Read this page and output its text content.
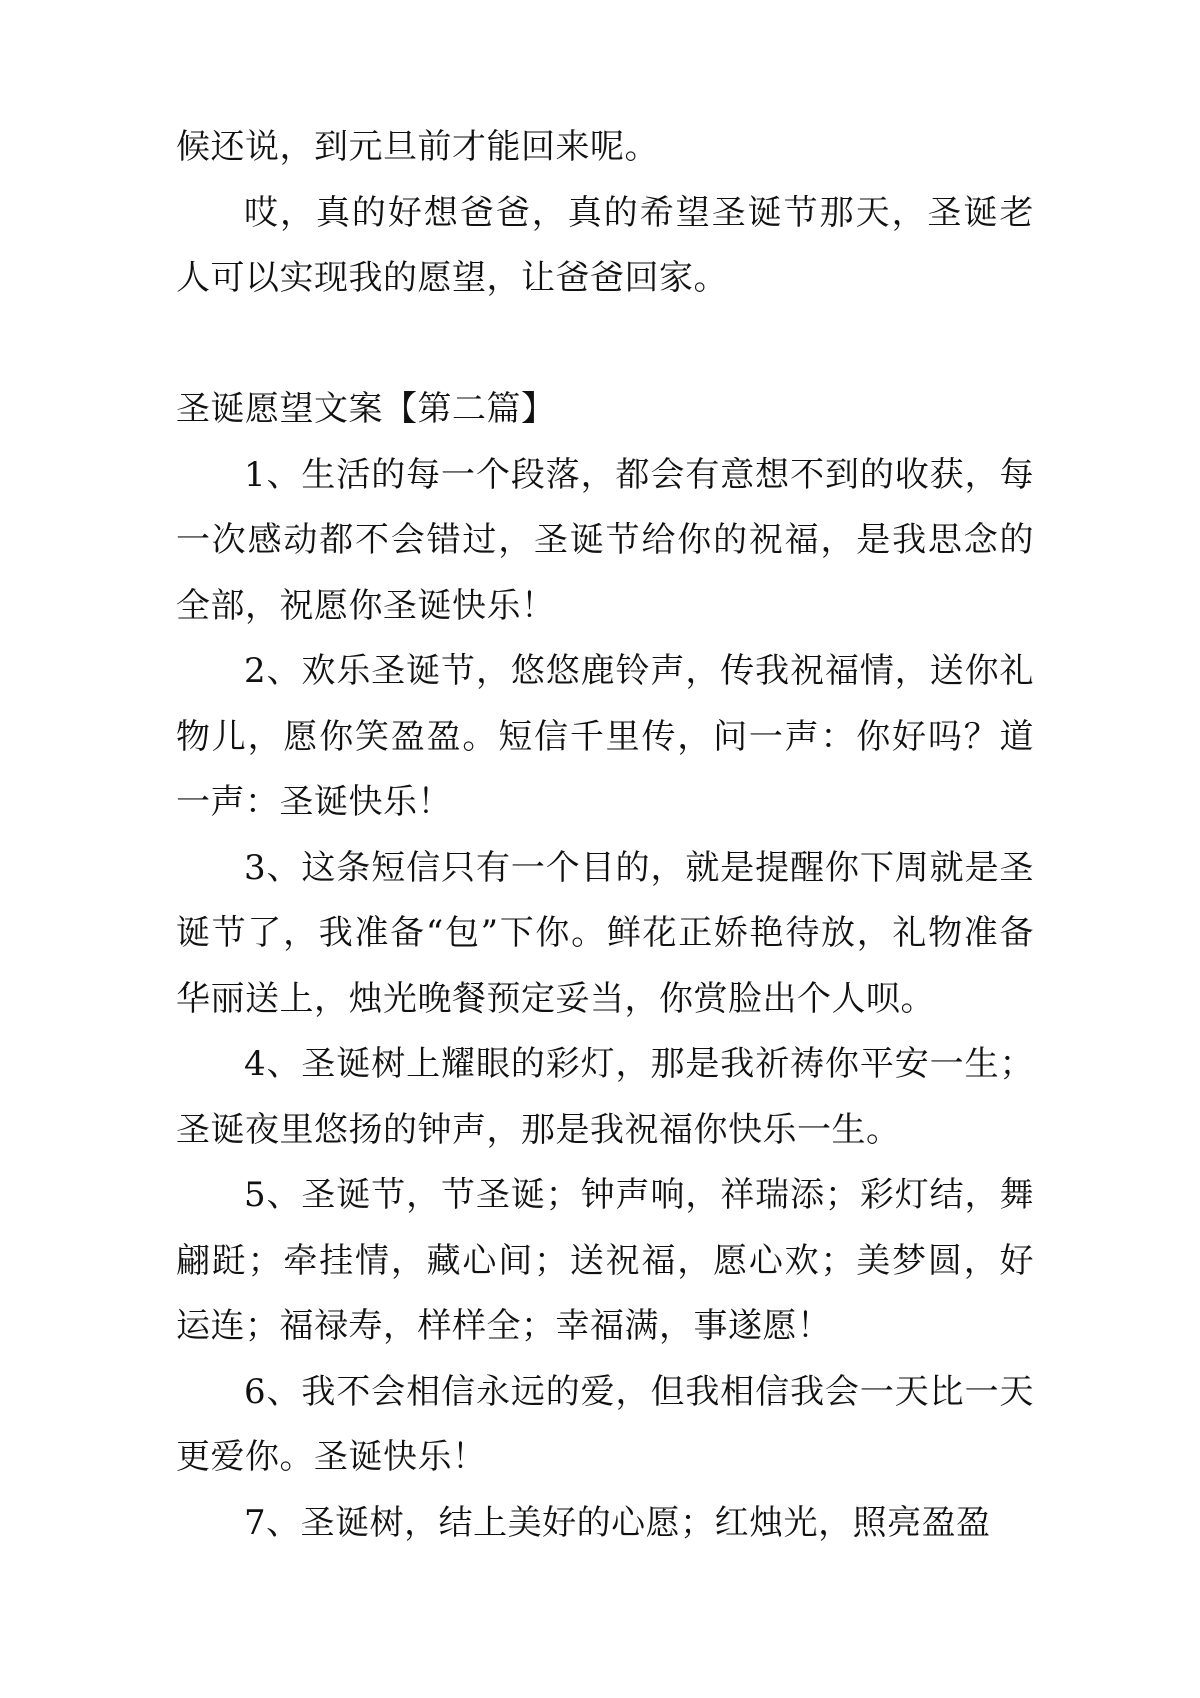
候还说，到元旦前才能回来呢。

哎，真的好想爸爸，真的希望圣诞节那天，圣诞老人可以实现我的愿望，让爸爸回家。

圣诞愿望文案【第二篇】

1、生活的每一个段落，都会有意想不到的收获，每一次感动都不会错过，圣诞节给你的祝福，是我思念的全部，祝愿你圣诞快乐！

2、欢乐圣诞节，悠悠鹿铃声，传我祝福情，送你礼物儿，愿你笑盈盈。短信千里传，问一声：你好吗？道一声：圣诞快乐！

3、这条短信只有一个目的，就是提醒你下周就是圣诞节了，我准备“包”下你。鲜花正娇艳待放，礼物准备华丽送上，烛光晚餐预定妥当，你赏脸出个人呗。

4、圣诞树上耀眼的彩灯，那是我祈祷你平安一生；圣诞夜里悠扬的钟声，那是我祝福你快乐一生。

5、圣诞节，节圣诞；钟声响，祥瑞添；彩灯结，舞翩跹；牵挂情，藏心间；送祝福，愿心欢；美梦圆，好运连；福禄寿，样样全；幸福满，事遂愿！

6、我不会相信永远的爱，但我相信我会一天比一天更爱你。圣诞快乐！

7、圣诞树，结上美好的心愿；红烛光，照亮盈盈
